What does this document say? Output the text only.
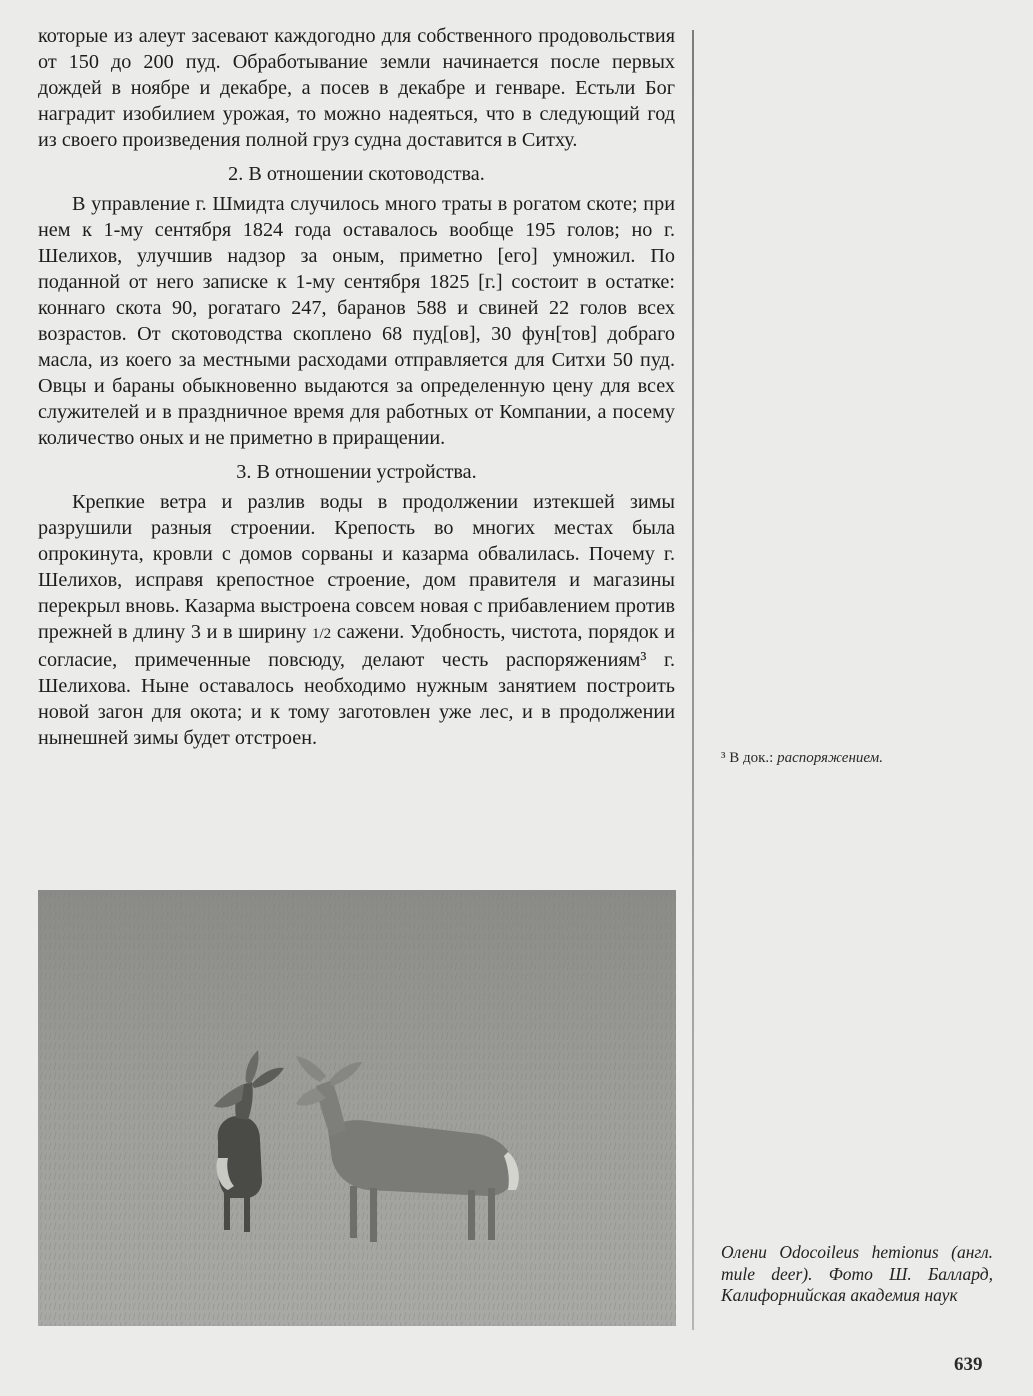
которые из алеут засевают каждогодно для собственного продовольствия от 150 до 200 пуд. Обработывание земли начинается после первых дождей в ноябре и декабре, а посев в декабре и генваре. Естьли Бог наградит изобилием урожая, то можно надеяться, что в следующий год из своего произведения полной груз судна доставится в Ситху.

2. В отношении скотоводства.

В управление г. Шмидта случилось много траты в рогатом скоте; при нем к 1-му сентября 1824 года оставалось вообще 195 голов; но г. Шелихов, улучшив надзор за оным, приметно [его] умножил. По поданной от него записке к 1-му сентября 1825 [г.] состоит в остатке: коннаго скота 90, рогатаго 247, баранов 588 и свиней 22 голов всех возрастов. От скотоводства скоплено 68 пуд[ов], 30 фун[тов] добраго масла, из коего за местными расходами отправляется для Ситхи 50 пуд. Овцы и бараны обыкновенно выдаются за определенную цену для всех служителей и в праздничное время для работных от Компании, а посему количество оных и не приметно в приращении.

3. В отношении устройства.

Крепкие ветра и разлив воды в продолжении изтекшей зимы разрушили разныя строении. Крепость во многих местах была опрокинута, кровли с домов сорваны и казарма обвалилась. Почему г. Шелихов, исправя крепостное строение, дом правителя и магазины перекрыл вновь. Казарма выстроена совсем новая с прибавлением против прежней в длину 3 и в ширину 1/2 сажени. Удобность, чистота, порядок и согласие, примеченные повсюду, делают честь распоряжениям³ г. Шелихова. Ныне оставалось необходимо нужным занятием построить новой загон для окота; и к тому заготовлен уже лес, и в продолжении нынешней зимы будет отстроен.

³ В док.: распоряжением.
Олени Odocoileus hemionus (англ. mule deer). Фото Ш. Баллард, Калифорнийская академия наук
639
